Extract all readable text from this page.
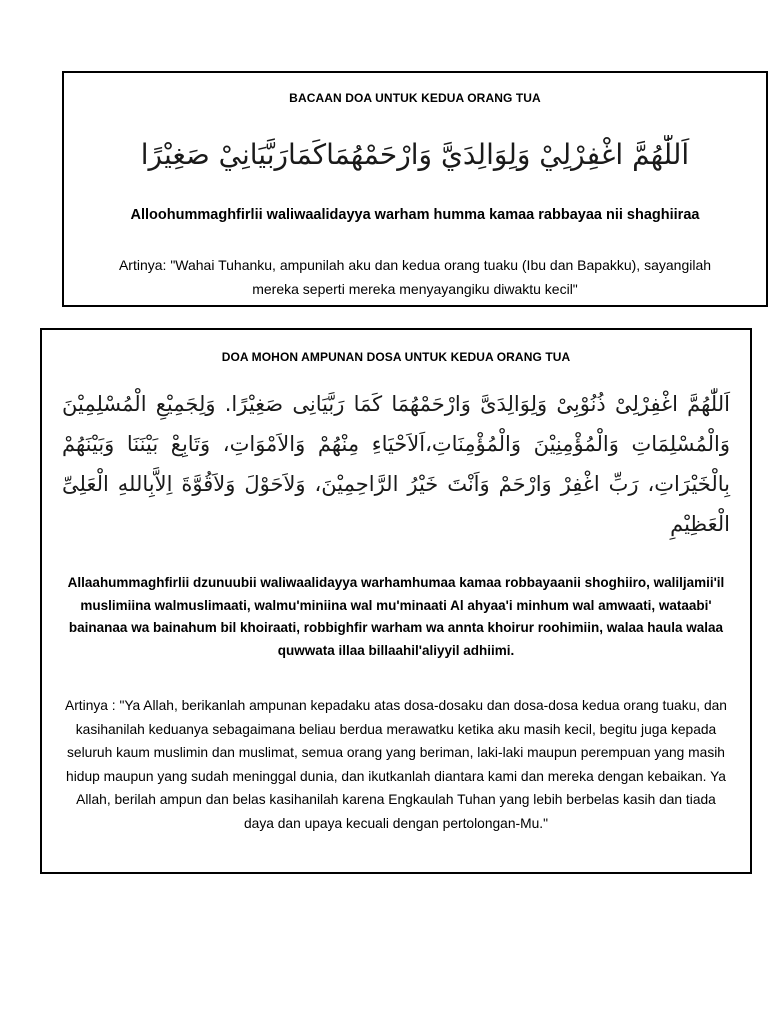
BACAAN DOA UNTUK KEDUA ORANG TUA
اَللّٰهُمَّ اغْفِرْلِيْ وَلِوَالِدَيَّ وَارْحَمْهُمَاكَمَارَبَّيَانِيْ صَغِيْرًا
Alloohummaghfirlii waliwaalidayya warham humma kamaa rabbayaa nii shaghiiraa
Artinya: "Wahai Tuhanku, ampunilah aku dan kedua orang tuaku (Ibu dan Bapakku), sayangilah mereka seperti mereka menyayangiku diwaktu kecil"
DOA MOHON AMPUNAN DOSA UNTUK KEDUA ORANG TUA
اَللّٰهُمَّ اغْفِرْلِىْ ذُنُوْبِىْ وَلِوَالِدَىَّ وَارْحَمْهُمَا كَمَا رَبَّيَانِى صَغِيْرًا. وَلِجَمِيْعِ الْمُسْلِمِيْنَ وَالْمُسْلِمَاتِ وَالْمُؤْمِنِيْنَ وَالْمُؤْمِنَاتِ،اَلاَحْيَاءِ مِنْهُمْ وَالاَمْوَاتِ، وَتَابِعْ بَيْنَنَا وَبَيْنَهُمْ بِالْخَيْرَاتِ، رَبِّ اغْفِرْ وَارْحَمْ وَاَنْتَ خَيْرُ الرَّاحِمِيْنَ، وَلاَحَوْلَ وَلاَقُوَّةَ اِلاَّبِاللهِ الْعَلِىِّ الْعَظِيْمِ
Allaahummaghfirlii dzunuubii waliwaalidayya warhamhumaa kamaa robbayaanii shoghiiro, waliljamii'il muslimiina walmuslimaati, walmu'miniina wal mu'minaati Al ahyaa'i minhum wal amwaati, wataabi' bainanaa wa bainahum bil khoiraati, robbighfir warham wa annta khoirur roohimiin, walaa haula walaa quwwata illaa billaahil'aliyyil adhiimi.
Artinya : "Ya Allah, berikanlah ampunan kepadaku atas dosa-dosaku dan dosa-dosa kedua orang tuaku, dan kasihanilah keduanya sebagaimana beliau berdua merawatku ketika aku masih kecil, begitu juga kepada seluruh kaum muslimin dan muslimat, semua orang yang beriman, laki-laki maupun perempuan yang masih hidup maupun yang sudah meninggal dunia, dan ikutkanlah diantara kami dan mereka dengan kebaikan. Ya Allah, berilah ampun dan belas kasihanilah karena Engkaulah Tuhan yang lebih berbelas kasih dan tiada daya dan upaya kecuali dengan pertolongan-Mu."
